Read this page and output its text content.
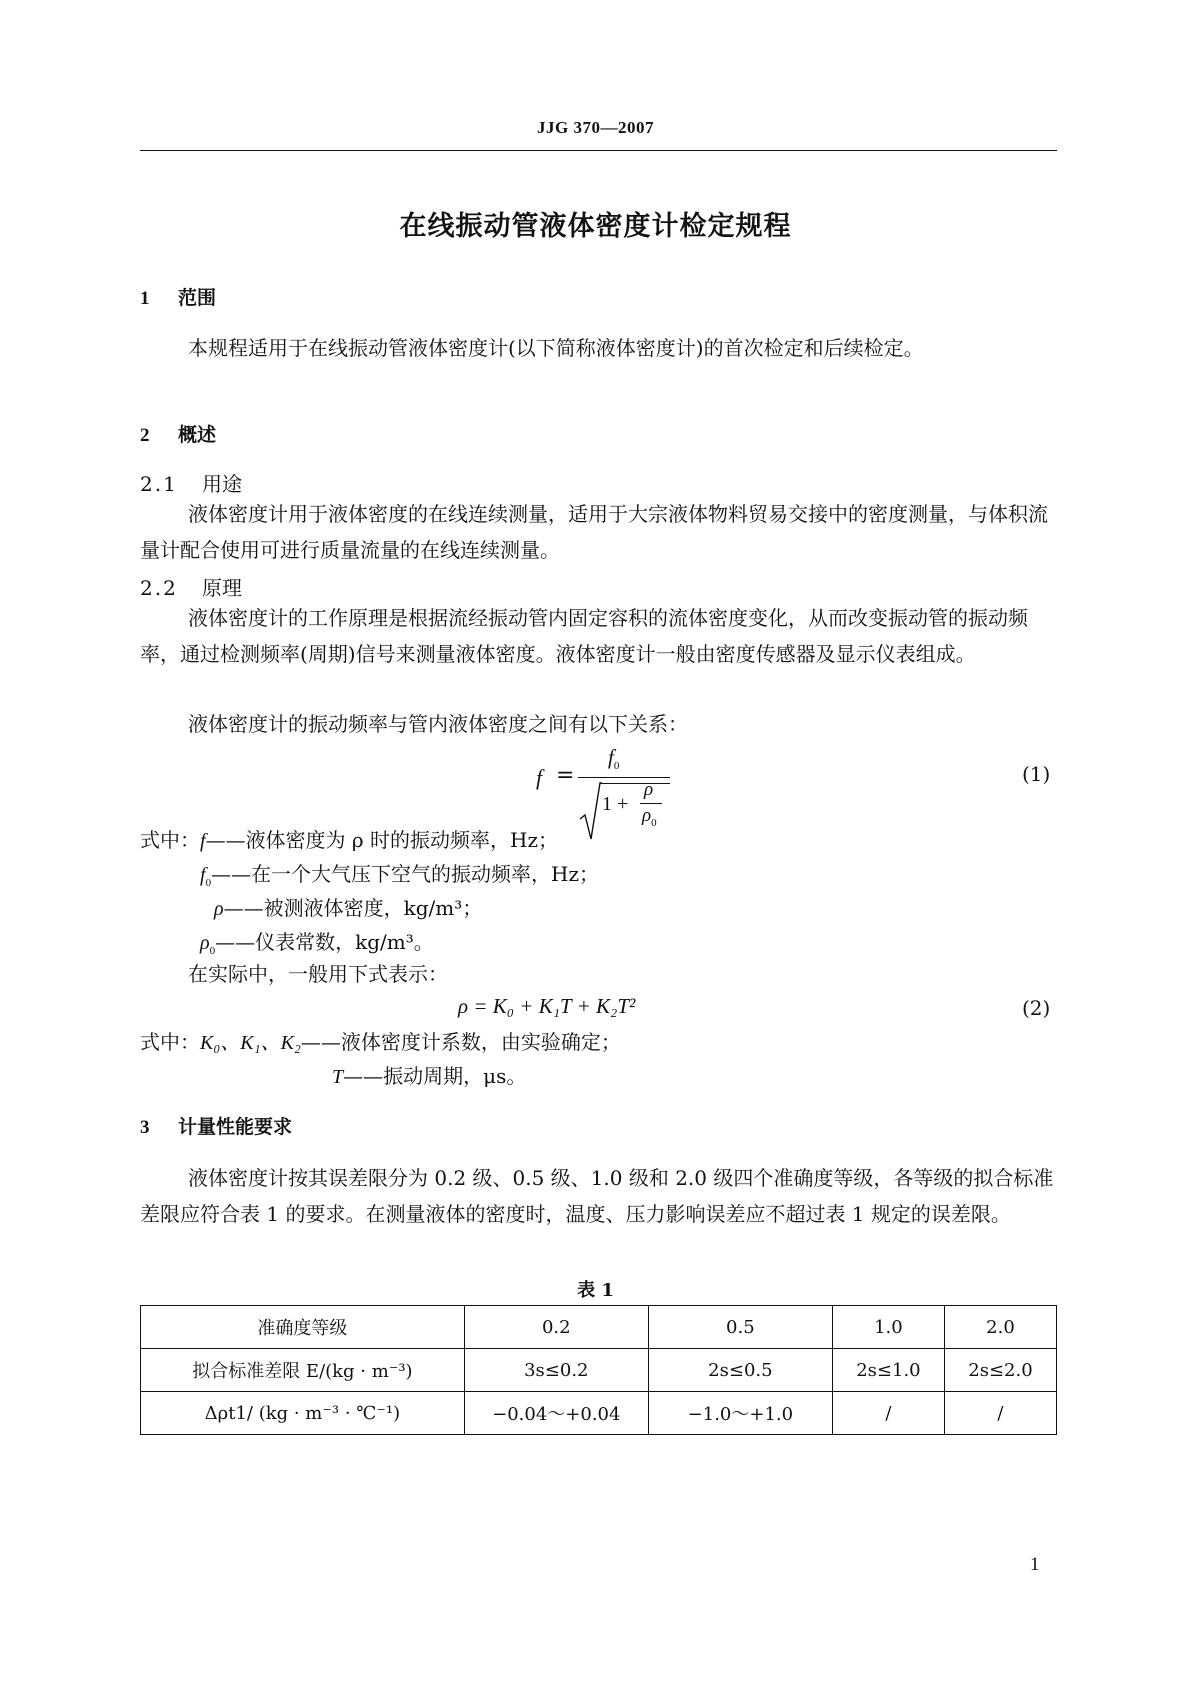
JJG 370—2007
在线振动管液体密度计检定规程
1 范围
本规程适用于在线振动管液体密度计(以下简称液体密度计)的首次检定和后续检定。
2 概述
2.1 用途
液体密度计用于液体密度的在线连续测量，适用于大宗液体物料贸易交接中的密度测量，与体积流量计配合使用可进行质量流量的在线连续测量。
2.2 原理
液体密度计的工作原理是根据流经振动管内固定容积的流体密度变化，从而改变振动管的振动频率，通过检测频率(周期)信号来测量液体密度。液体密度计一般由密度传感器及显示仪表组成。
液体密度计的振动频率与管内液体密度之间有以下关系：
f =
$f_0$
1 +
ρ
$\rho_0$
(1)
式中：f——液体密度为 ρ 时的振动频率，Hz；
$f_0——$在一个大气压下空气的振动频率，Hz；
ρ——被测液体密度，kg/m³；
$\rho_0——$仪表常数，kg/m³。
在实际中，一般用下式表示：
ρ = K₀ + K₁T + K₂T²	(2)
式中：K₀、K₁、K₂——液体密度计系数，由实验确定；
T——振动周期，μs。
3 计量性能要求
液体密度计按其误差限分为 0.2 级、0.5 级、1.0 级和 2.0 级四个准确度等级，各等级的拟合标准差限应符合表 1 的要求。在测量液体的密度时，温度、压力影响误差应不超过表 1 规定的误差限。
表 1
准确度等级	0.2	0.5	1.0	2.0
拟合标准差限 E/(kg · m⁻³)	3s≤0.2	2s≤0.5	2s≤1.0	2s≤2.0
Δρt1/ (kg · m⁻³ · ℃⁻¹)	−0.04～+0.04	−1.0～+1.0	/	/
1
